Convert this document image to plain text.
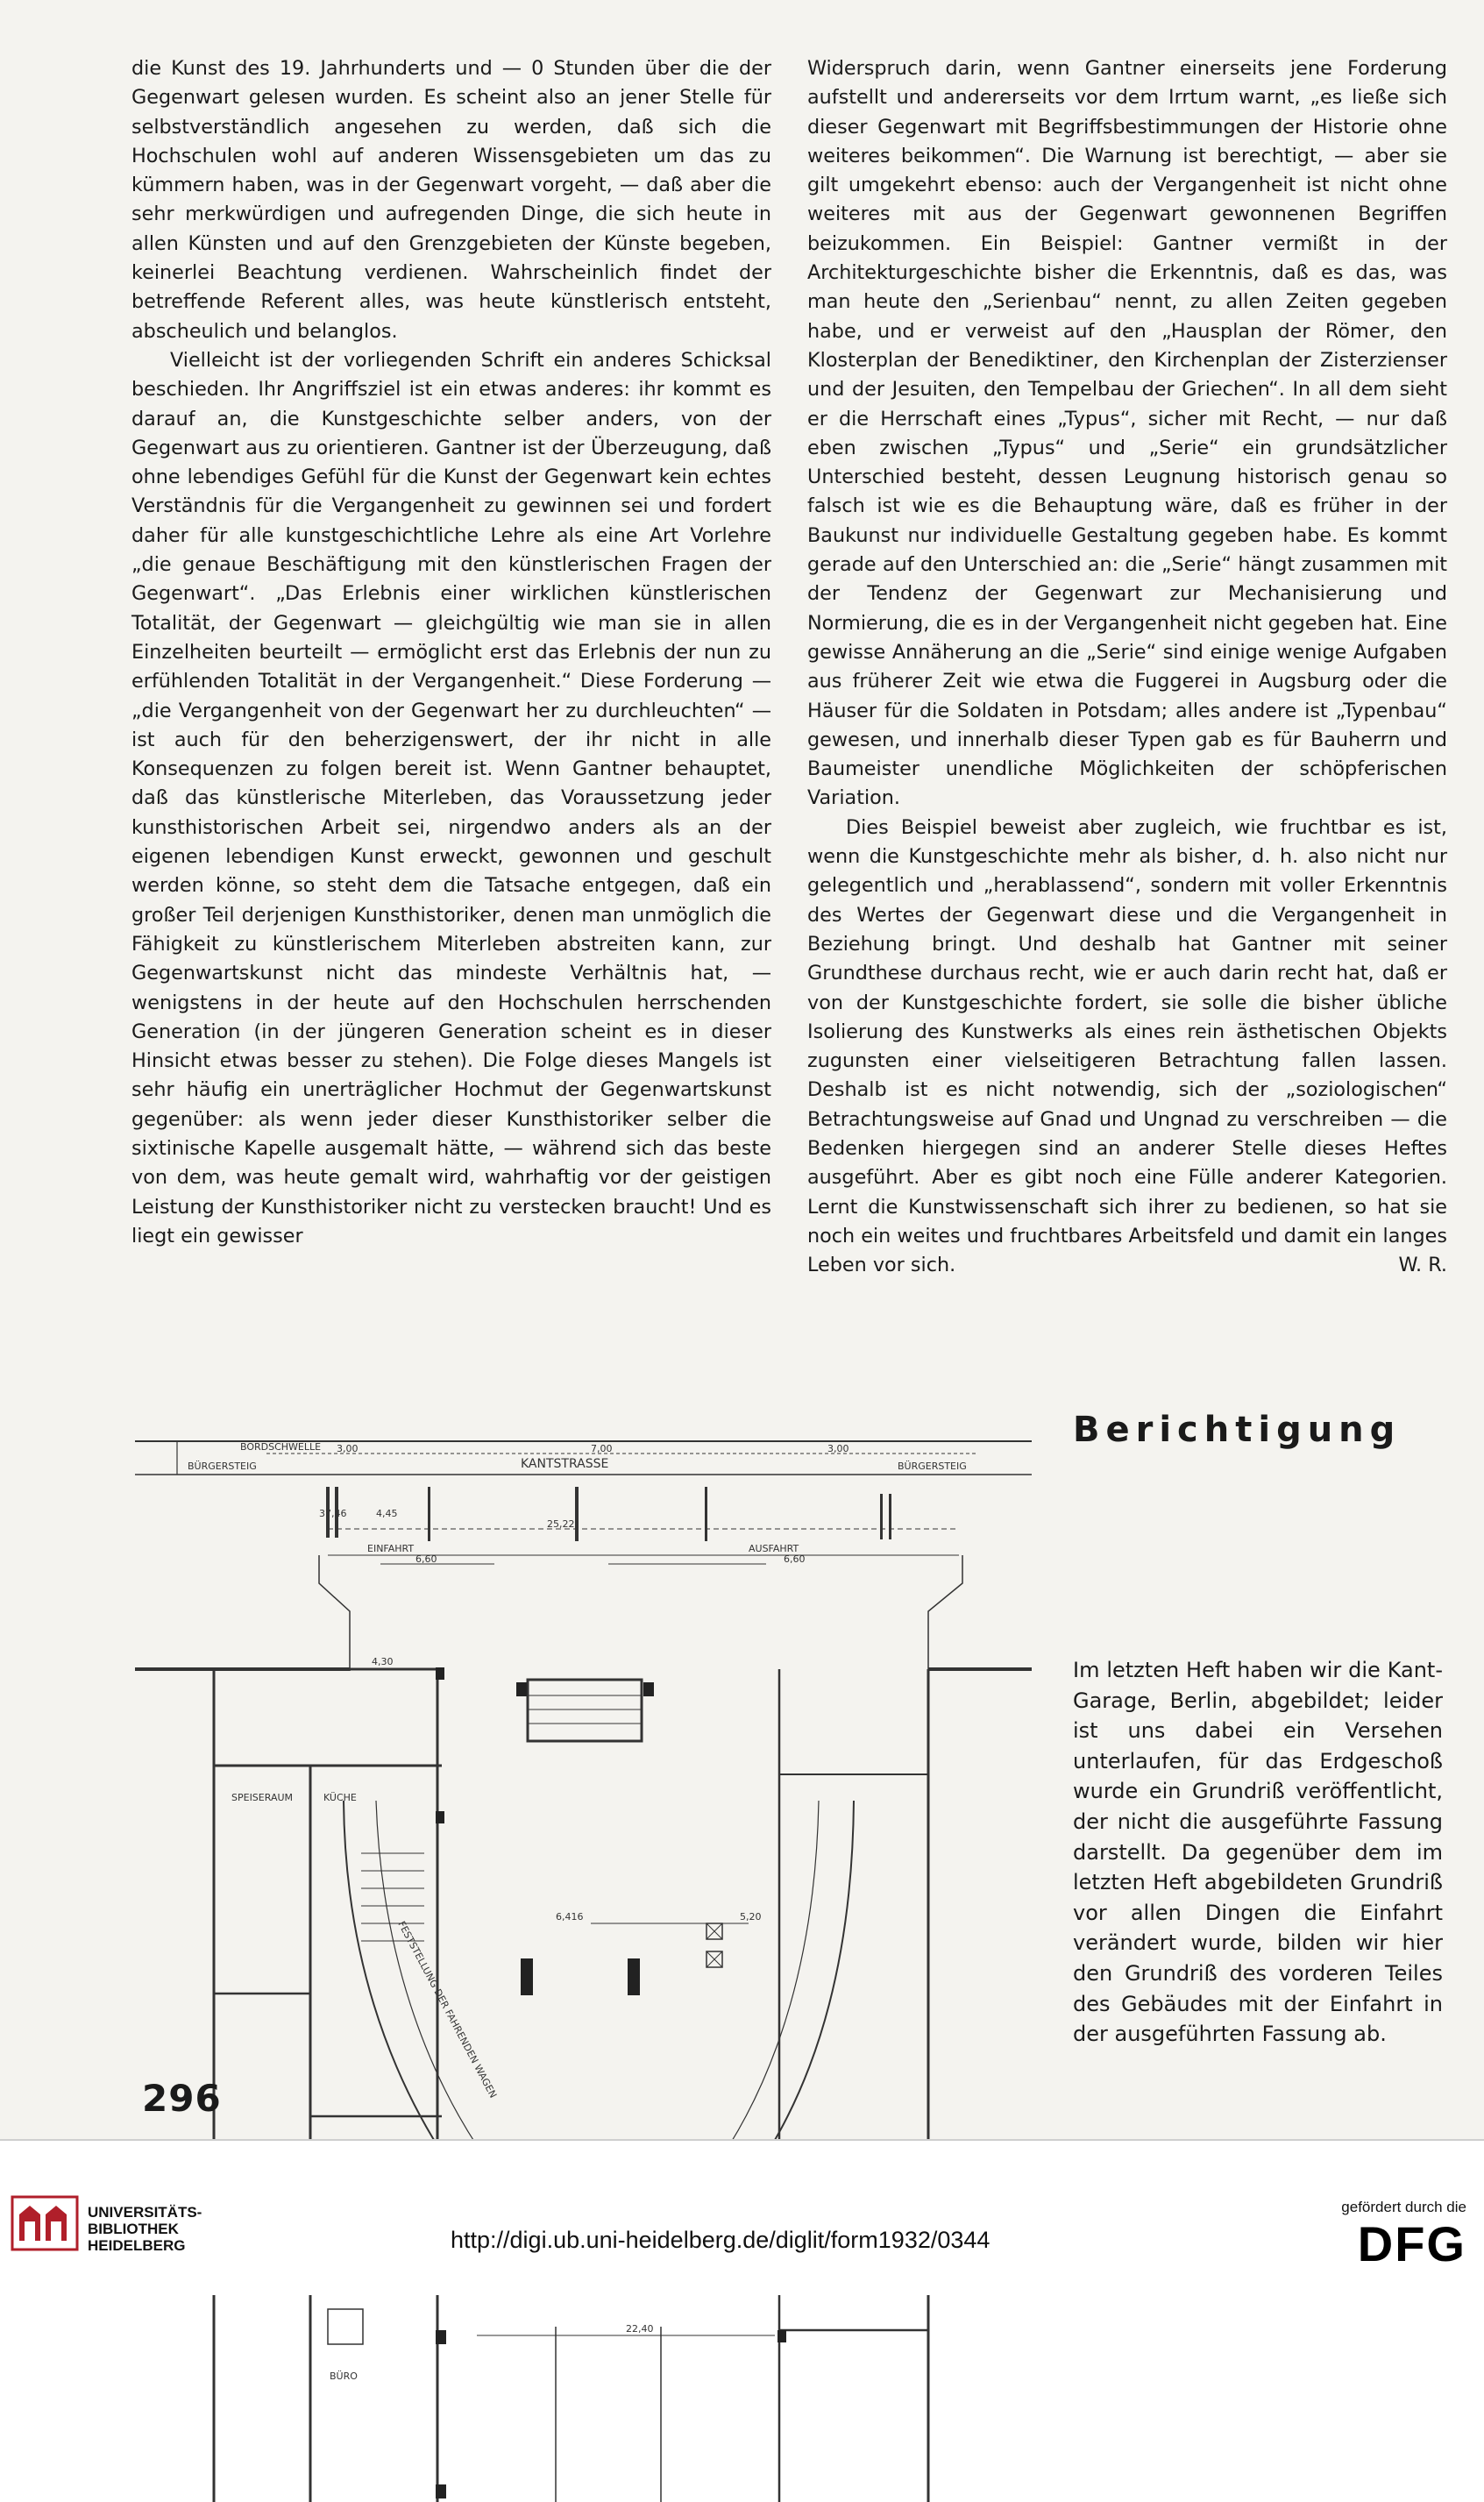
die Kunst des 19. Jahrhunderts und — 0 Stunden über die der Gegenwart gelesen wurden. Es scheint also an jener Stelle für selbstverständlich angesehen zu werden, daß sich die Hochschulen wohl auf anderen Wissensgebieten um das zu kümmern haben, was in der Gegenwart vorgeht, — daß aber die sehr merkwürdigen und aufregenden Dinge, die sich heute in allen Künsten und auf den Grenzgebieten der Künste begeben, keinerlei Beachtung verdienen. Wahrscheinlich findet der betreffende Referent alles, was heute künstlerisch entsteht, abscheulich und belanglos.

Vielleicht ist der vorliegenden Schrift ein anderes Schicksal beschieden. Ihr Angriffsziel ist ein etwas anderes: ihr kommt es darauf an, die Kunstgeschichte selber anders, von der Gegenwart aus zu orientieren. Gantner ist der Überzeugung, daß ohne lebendiges Gefühl für die Kunst der Gegenwart kein echtes Verständnis für die Vergangenheit zu gewinnen sei und fordert daher für alle kunstgeschichtliche Lehre als eine Art Vorlehre „die genaue Beschäftigung mit den künstlerischen Fragen der Gegenwart“. „Das Erlebnis einer wirklichen künstlerischen Totalität, der Gegenwart — gleichgültig wie man sie in allen Einzelheiten beurteilt — ermöglicht erst das Erlebnis der nun zu erfühlenden Totalität in der Vergangenheit.“ Diese Forderung — „die Vergangenheit von der Gegenwart her zu durchleuchten“ — ist auch für den beherzigenswert, der ihr nicht in alle Konsequenzen zu folgen bereit ist. Wenn Gantner behauptet, daß das künstlerische Miterleben, das Voraussetzung jeder kunsthistorischen Arbeit sei, nirgendwo anders als an der eigenen lebendigen Kunst erweckt, gewonnen und geschult werden könne, so steht dem die Tatsache entgegen, daß ein großer Teil derjenigen Kunsthistoriker, denen man unmöglich die Fähigkeit zu künstlerischem Miterleben abstreiten kann, zur Gegenwartskunst nicht das mindeste Verhältnis hat, — wenigstens in der heute auf den Hochschulen herrschenden Generation (in der jüngeren Generation scheint es in dieser Hinsicht etwas besser zu stehen). Die Folge dieses Mangels ist sehr häufig ein unerträglicher Hochmut der Gegenwartskunst gegenüber: als wenn jeder dieser Kunsthistoriker selber die sixtinische Kapelle ausgemalt hätte, — während sich das beste von dem, was heute gemalt wird, wahrhaftig vor der geistigen Leistung der Kunsthistoriker nicht zu verstecken braucht! Und es liegt ein gewisser

Widerspruch darin, wenn Gantner einerseits jene Forderung aufstellt und andererseits vor dem Irrtum warnt, „es ließe sich dieser Gegenwart mit Begriffsbestimmungen der Historie ohne weiteres beikommen“. Die Warnung ist berechtigt, — aber sie gilt umgekehrt ebenso: auch der Vergangenheit ist nicht ohne weiteres mit aus der Gegenwart gewonnenen Begriffen beizukommen. Ein Beispiel: Gantner vermißt in der Architekturgeschichte bisher die Erkenntnis, daß es das, was man heute den „Serienbau“ nennt, zu allen Zeiten gegeben habe, und er verweist auf den „Hausplan der Römer, den Klosterplan der Benediktiner, den Kirchenplan der Zisterzienser und der Jesuiten, den Tempelbau der Griechen“. In all dem sieht er die Herrschaft eines „Typus“, sicher mit Recht, — nur daß eben zwischen „Typus“ und „Serie“ ein grundsätzlicher Unterschied besteht, dessen Leugnung historisch genau so falsch ist wie es die Behauptung wäre, daß es früher in der Baukunst nur individuelle Gestaltung gegeben habe. Es kommt gerade auf den Unterschied an: die „Serie“ hängt zusammen mit der Tendenz der Gegenwart zur Mechanisierung und Normierung, die es in der Vergangenheit nicht gegeben hat. Eine gewisse Annäherung an die „Serie“ sind einige wenige Aufgaben aus früherer Zeit wie etwa die Fuggerei in Augsburg oder die Häuser für die Soldaten in Potsdam; alles andere ist „Typenbau“ gewesen, und innerhalb dieser Typen gab es für Bauherrn und Baumeister unendliche Möglichkeiten der schöpferischen Variation.

Dies Beispiel beweist aber zugleich, wie fruchtbar es ist, wenn die Kunstgeschichte mehr als bisher, d. h. also nicht nur gelegentlich und „herablassend“, sondern mit voller Erkenntnis des Wertes der Gegenwart diese und die Vergangenheit in Beziehung bringt. Und deshalb hat Gantner mit seiner Grundthese durchaus recht, wie er auch darin recht hat, daß er von der Kunstgeschichte fordert, sie solle die bisher übliche Isolierung des Kunstwerks als eines rein ästhetischen Objekts zugunsten einer vielseitigeren Betrachtung fallen lassen. Deshalb ist es nicht notwendig, sich der „soziologischen“ Betrachtungsweise auf Gnad und Ungnad zu verschreiben — die Bedenken hiergegen sind an anderer Stelle dieses Heftes ausgeführt. Aber es gibt noch eine Fülle anderer Kategorien. Lernt die Kunstwissenschaft sich ihrer zu bedienen, so hat sie noch ein weites und fruchtbares Arbeitsfeld und damit ein langes Leben vor sich.	W. R.

Berichtigung

Im letzten Heft haben wir die Kant-Garage, Berlin, abgebildet; leider ist uns dabei ein Versehen unterlaufen, für das Erdgeschoß wurde ein Grundriß veröffentlicht, der nicht die ausgeführte Fassung darstellt. Da gegenüber dem im letzten Heft abgebildeten Grundriß vor allen Dingen die Einfahrt verändert wurde, bilden wir hier den Grundriß des vorderen Teiles des Gebäudes mit der Einfahrt in der ausgeführten Fassung ab.

BORDSCHWELLE
BÜRGERSTEIG	BÜRGERSTEIG
KANTSTRASSE
EINFAHRT	AUSFAHRT
SPEISERAUM	KÜCHE
BÜRO
FESTSTELLUNG DER FAHRENDEN WAGEN
3,00	7,00	3,00
25,22
37,46	4,45
6,60	6,60
4,30
6,416	5,20
22,40

296

UNIVERSITÄTS-
BIBLIOTHEK
HEIDELBERG	http://digi.ub.uni-heidelberg.de/diglit/form1932/0344

gefördert durch die
DFG
